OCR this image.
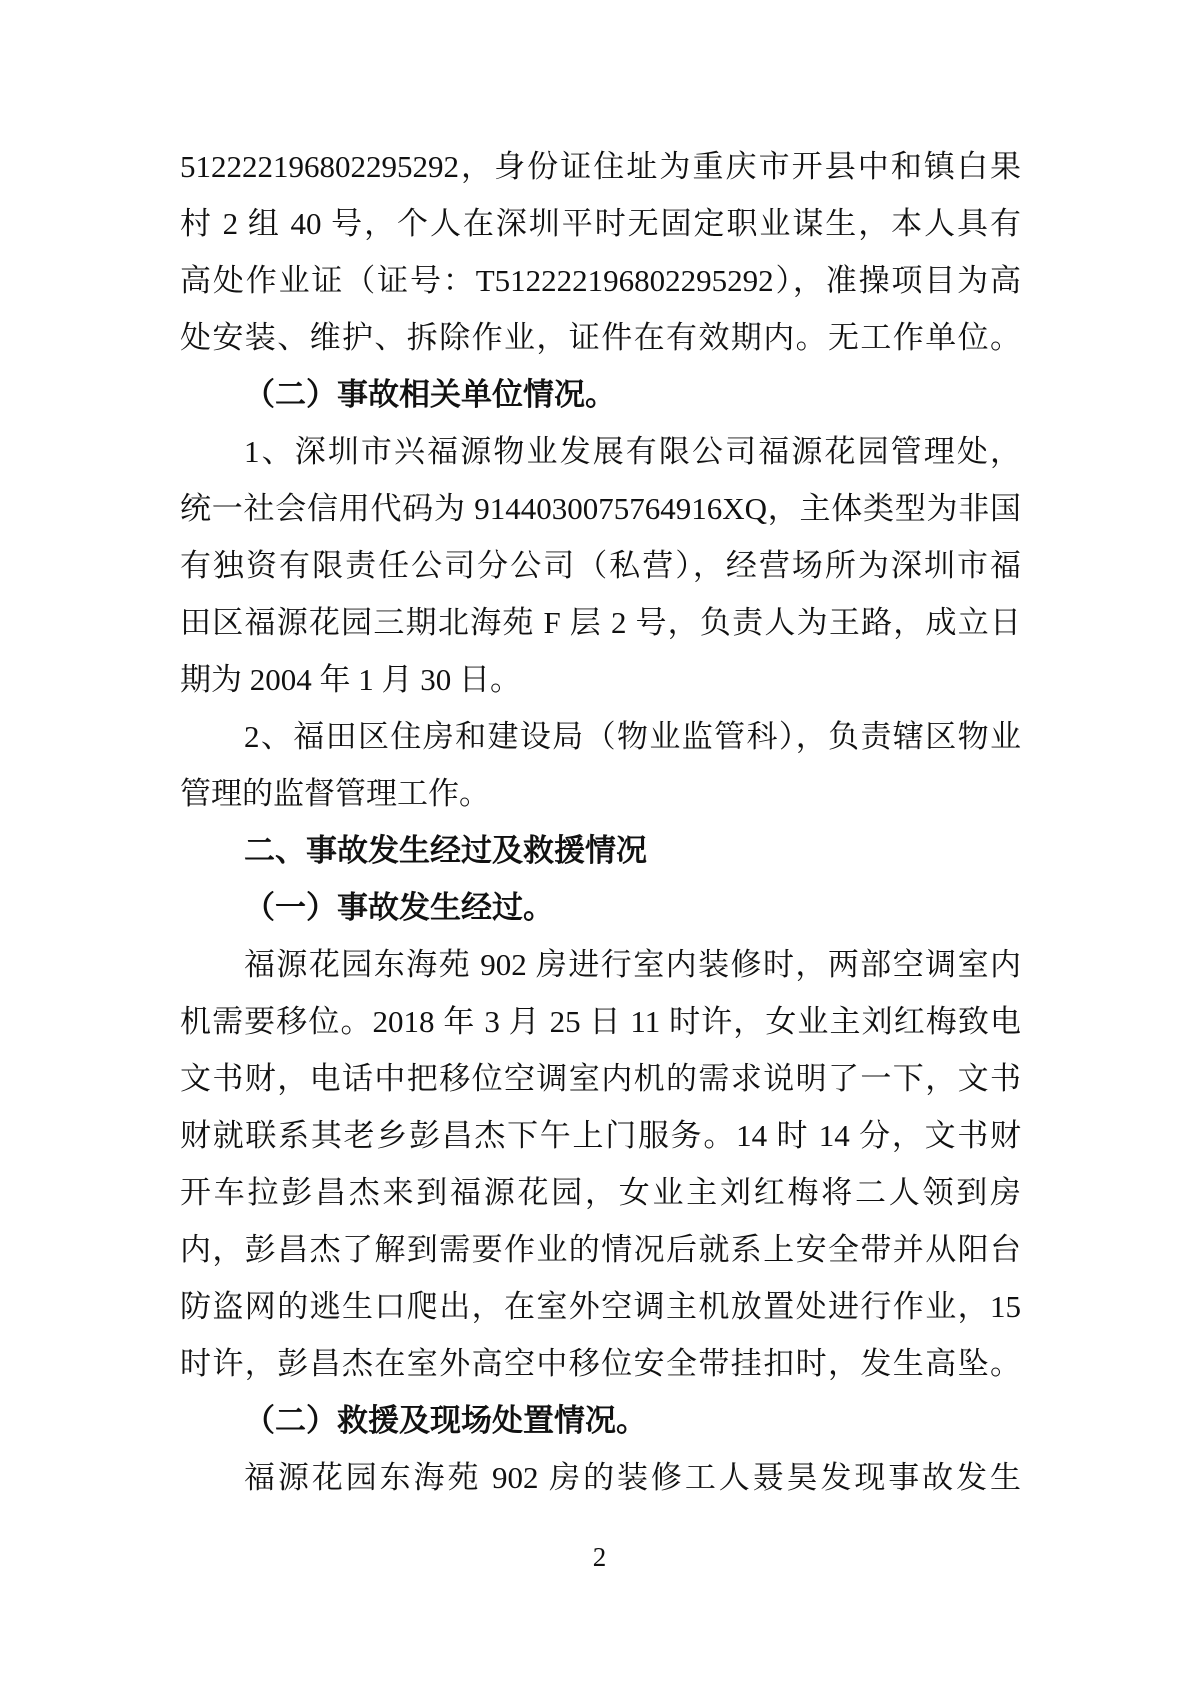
512222196802295292，身份证住址为重庆市开县中和镇白果
村 2 组 40 号，个人在深圳平时无固定职业谋生，本人具有
高处作业证（证号：T512222196802295292），准操项目为高
处安装、维护、拆除作业，证件在有效期内。无工作单位。
（二）事故相关单位情况。
1、深圳市兴福源物业发展有限公司福源花园管理处，
统一社会信用代码为 9144030075764916XQ，主体类型为非国
有独资有限责任公司分公司（私营），经营场所为深圳市福
田区福源花园三期北海苑 F 层 2 号，负责人为王路，成立日
期为 2004 年 1 月 30 日。
2、福田区住房和建设局（物业监管科），负责辖区物业
管理的监督管理工作。
二、事故发生经过及救援情况
（一）事故发生经过。
福源花园东海苑 902 房进行室内装修时，两部空调室内
机需要移位。2018 年 3 月 25 日 11 时许，女业主刘红梅致电
文书财，电话中把移位空调室内机的需求说明了一下，文书
财就联系其老乡彭昌杰下午上门服务。14 时 14 分，文书财
开车拉彭昌杰来到福源花园，女业主刘红梅将二人领到房
内，彭昌杰了解到需要作业的情况后就系上安全带并从阳台
防盗网的逃生口爬出，在室外空调主机放置处进行作业，15
时许，彭昌杰在室外高空中移位安全带挂扣时，发生高坠。
（二）救援及现场处置情况。
福源花园东海苑 902 房的装修工人聂昊发现事故发生
2
